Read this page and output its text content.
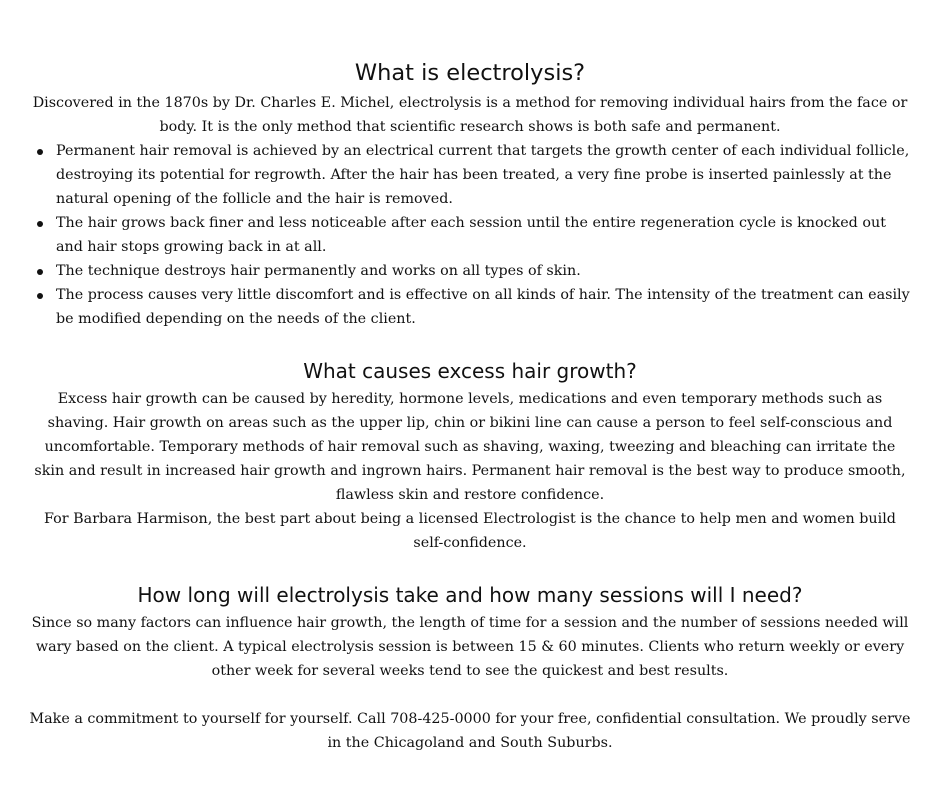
What is electrolysis?

Discovered in the 1870s by Dr. Charles E. Michel, electrolysis is a method for removing individual hairs from the face or body. It is the only method that scientific research shows is both safe and permanent.

Permanent hair removal is achieved by an electrical current that targets the growth center of each individual follicle, destroying its potential for regrowth. After the hair has been treated, a very fine probe is inserted painlessly at the natural opening of the follicle and the hair is removed.
The hair grows back finer and less noticeable after each session until the entire regeneration cycle is knocked out and hair stops growing back in at all.
The technique destroys hair permanently and works on all types of skin.
The process causes very little discomfort and is effective on all kinds of hair. The intensity of the treatment can easily be modified depending on the needs of the client.
What causes excess hair growth?

Excess hair growth can be caused by heredity, hormone levels, medications and even temporary methods such as shaving. Hair growth on areas such as the upper lip, chin or bikini line can cause a person to feel self-conscious and uncomfortable. Temporary methods of hair removal such as shaving, waxing, tweezing and bleaching can irritate the skin and result in increased hair growth and ingrown hairs. Permanent hair removal is the best way to produce smooth, flawless skin and restore confidence.

For Barbara Harmison, the best part about being a licensed Electrologist is the chance to help men and women build self-confidence.

How long will electrolysis take and how many sessions will I need?

Since so many factors can influence hair growth, the length of time for a session and the number of sessions needed will wary based on the client. A typical electrolysis session is between 15 & 60 minutes. Clients who return weekly or every other week for several weeks tend to see the quickest and best results.

Make a commitment to yourself for yourself. Call 708-425-0000 for your free, confidential consultation. We proudly serve in the Chicagoland and South Suburbs.
